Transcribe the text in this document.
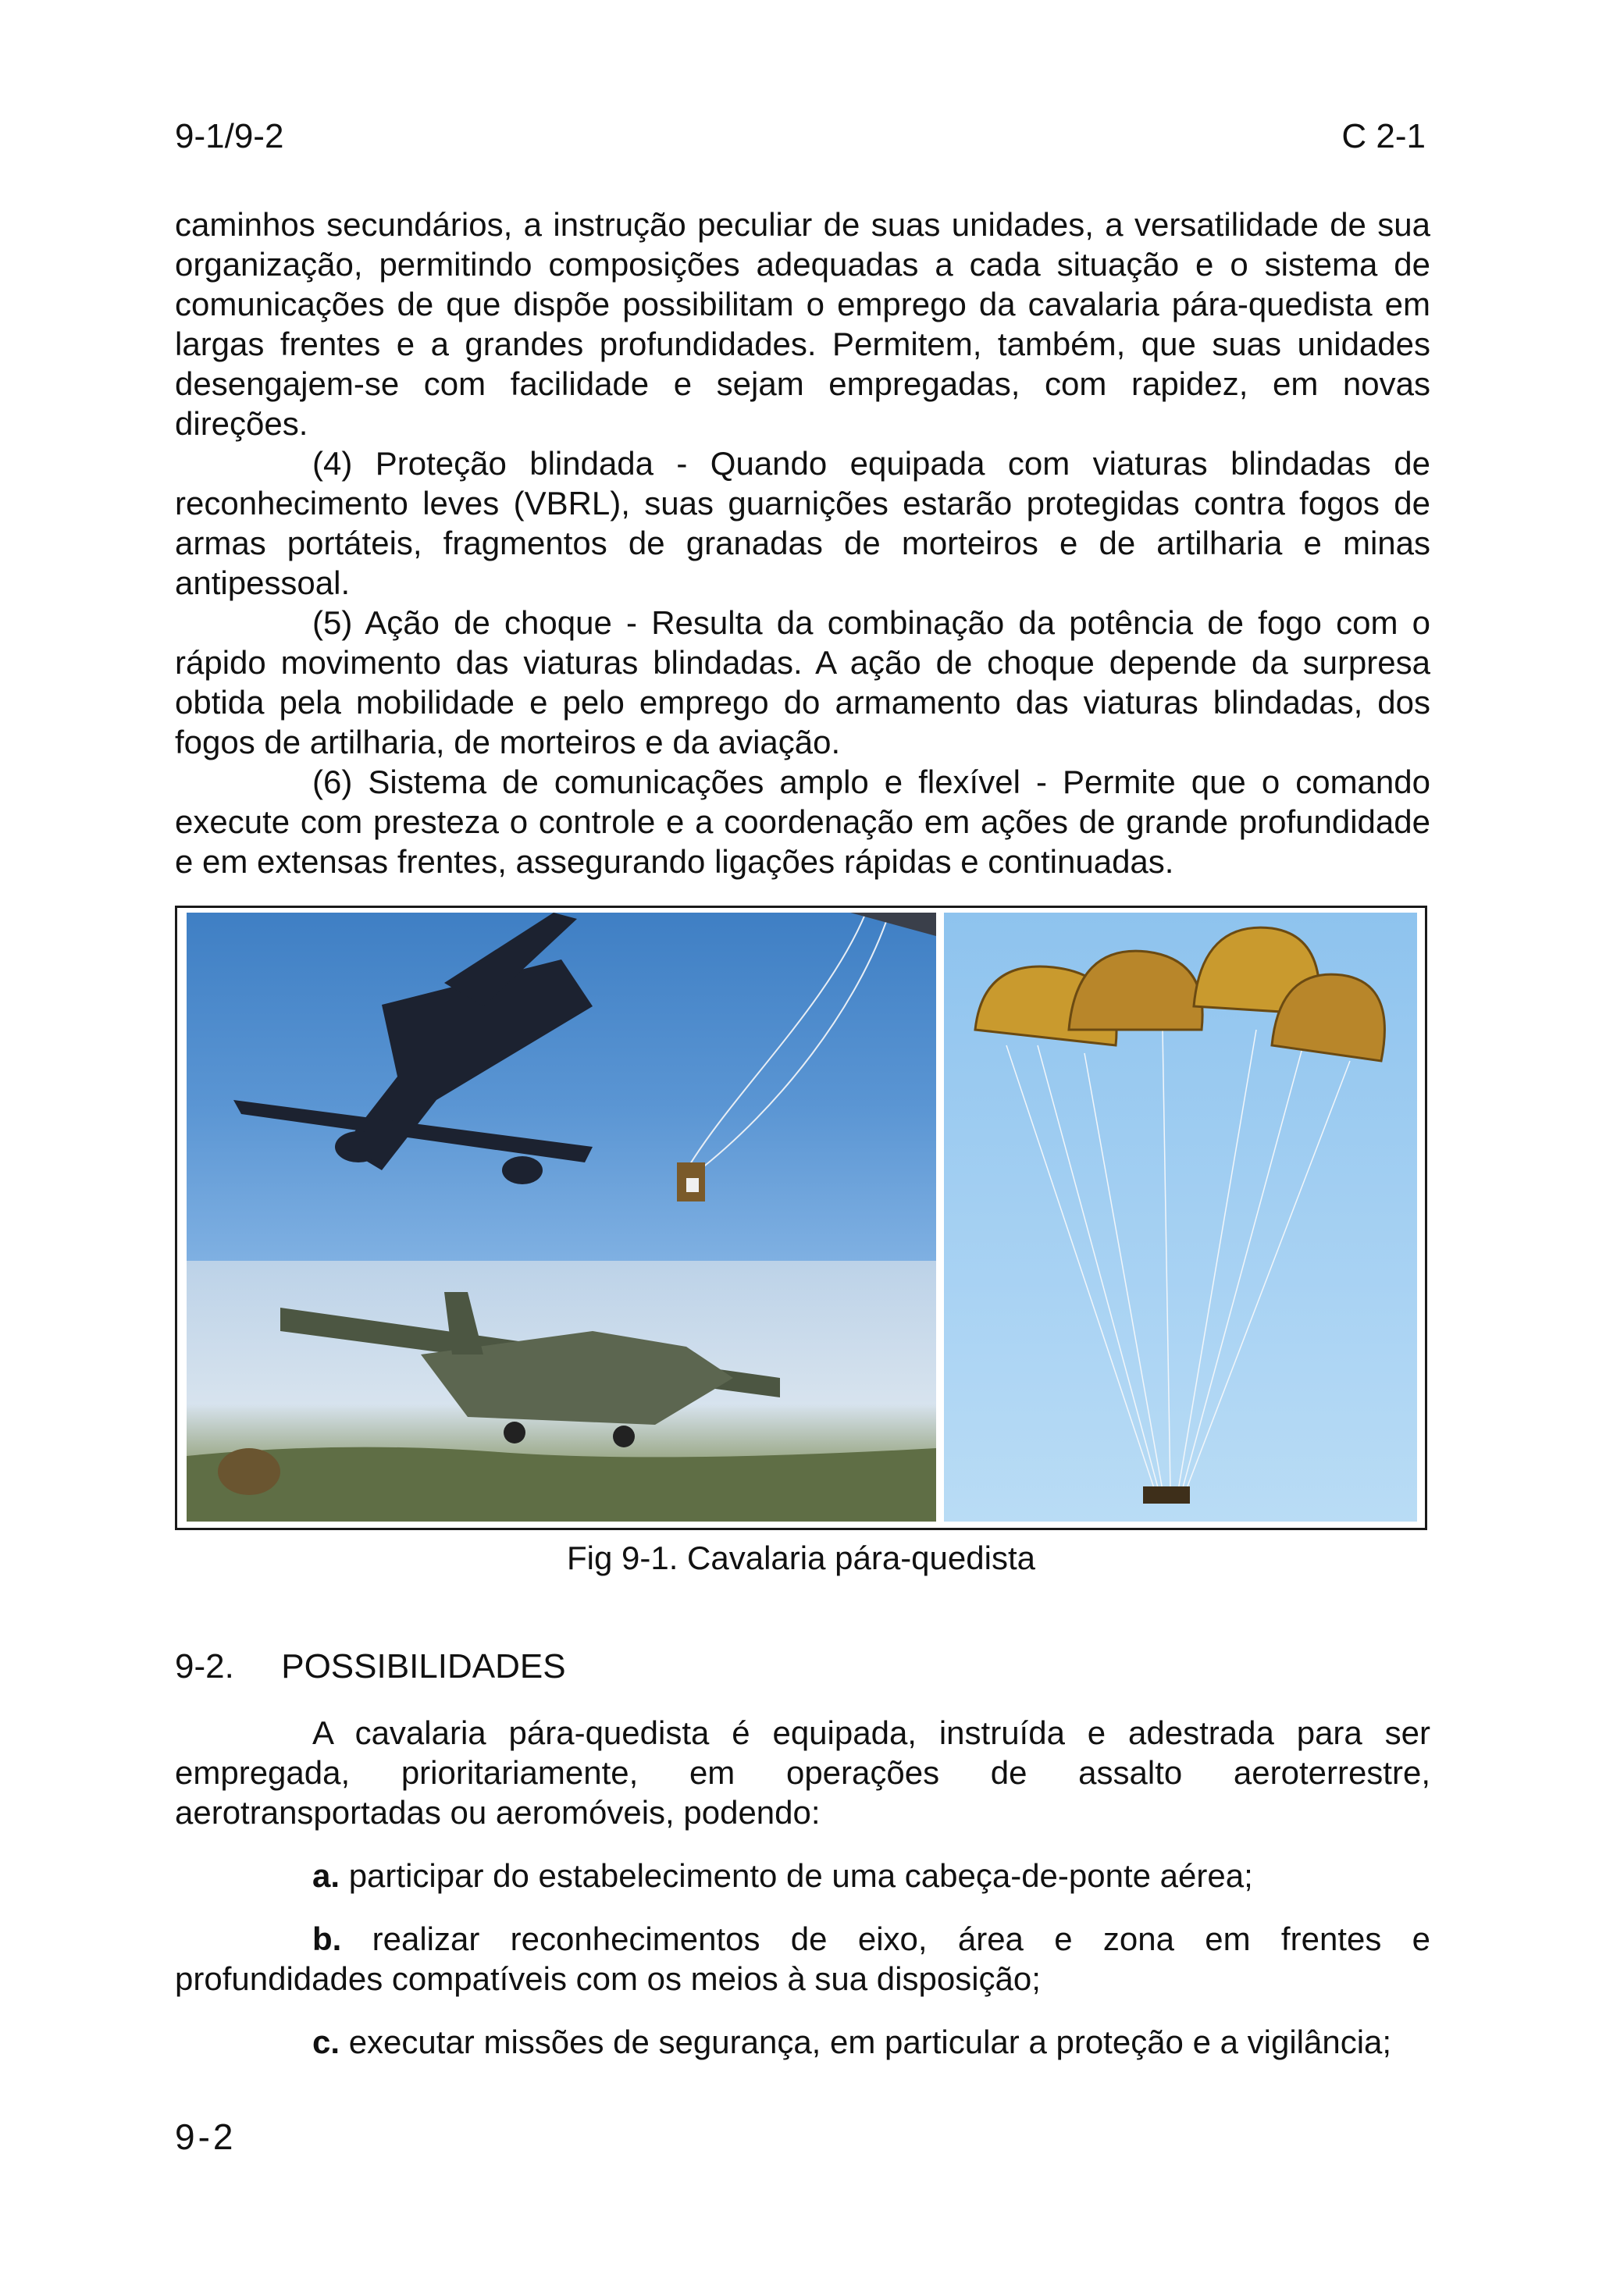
9-1/9-2	C 2-1

caminhos secundários, a instrução peculiar de suas unidades, a versatilidade de sua organização, permitindo composições adequadas a cada situação e o sistema de comunicações de que dispõe possibilitam o emprego da cavalaria pára-quedista em largas frentes e a grandes profundidades. Permitem, também, que suas unidades desengajem-se com facilidade e sejam empregadas, com rapidez, em novas direções.

(4) Proteção blindada - Quando equipada com viaturas blindadas de reconhecimento leves (VBRL), suas guarnições estarão protegidas contra fogos de armas portáteis, fragmentos de granadas de morteiros e de artilharia e minas antipessoal.

(5) Ação de choque - Resulta da combinação da potência de fogo com o rápido movimento das viaturas blindadas. A ação de choque depende da surpresa obtida pela mobilidade e pelo emprego do armamento das viaturas blindadas, dos fogos de artilharia, de morteiros e da aviação.

(6) Sistema de comunicações amplo e flexível - Permite que o comando execute com presteza o controle e a coordenação em ações de grande profundidade e em extensas frentes, assegurando ligações rápidas e continuadas.

Fig 9-1. Cavalaria pára-quedista
9-2. POSSIBILIDADES

A cavalaria pára-quedista é equipada, instruída e adestrada para ser empregada, prioritariamente, em operações de assalto aeroterrestre, aerotransportadas ou aeromóveis, podendo:

a. participar do estabelecimento de uma cabeça-de-ponte aérea;

b. realizar reconhecimentos de eixo, área e zona em frentes e profundidades compatíveis com os meios à sua disposição;

c. executar missões de segurança, em particular a proteção e a vigilância;

9-2
